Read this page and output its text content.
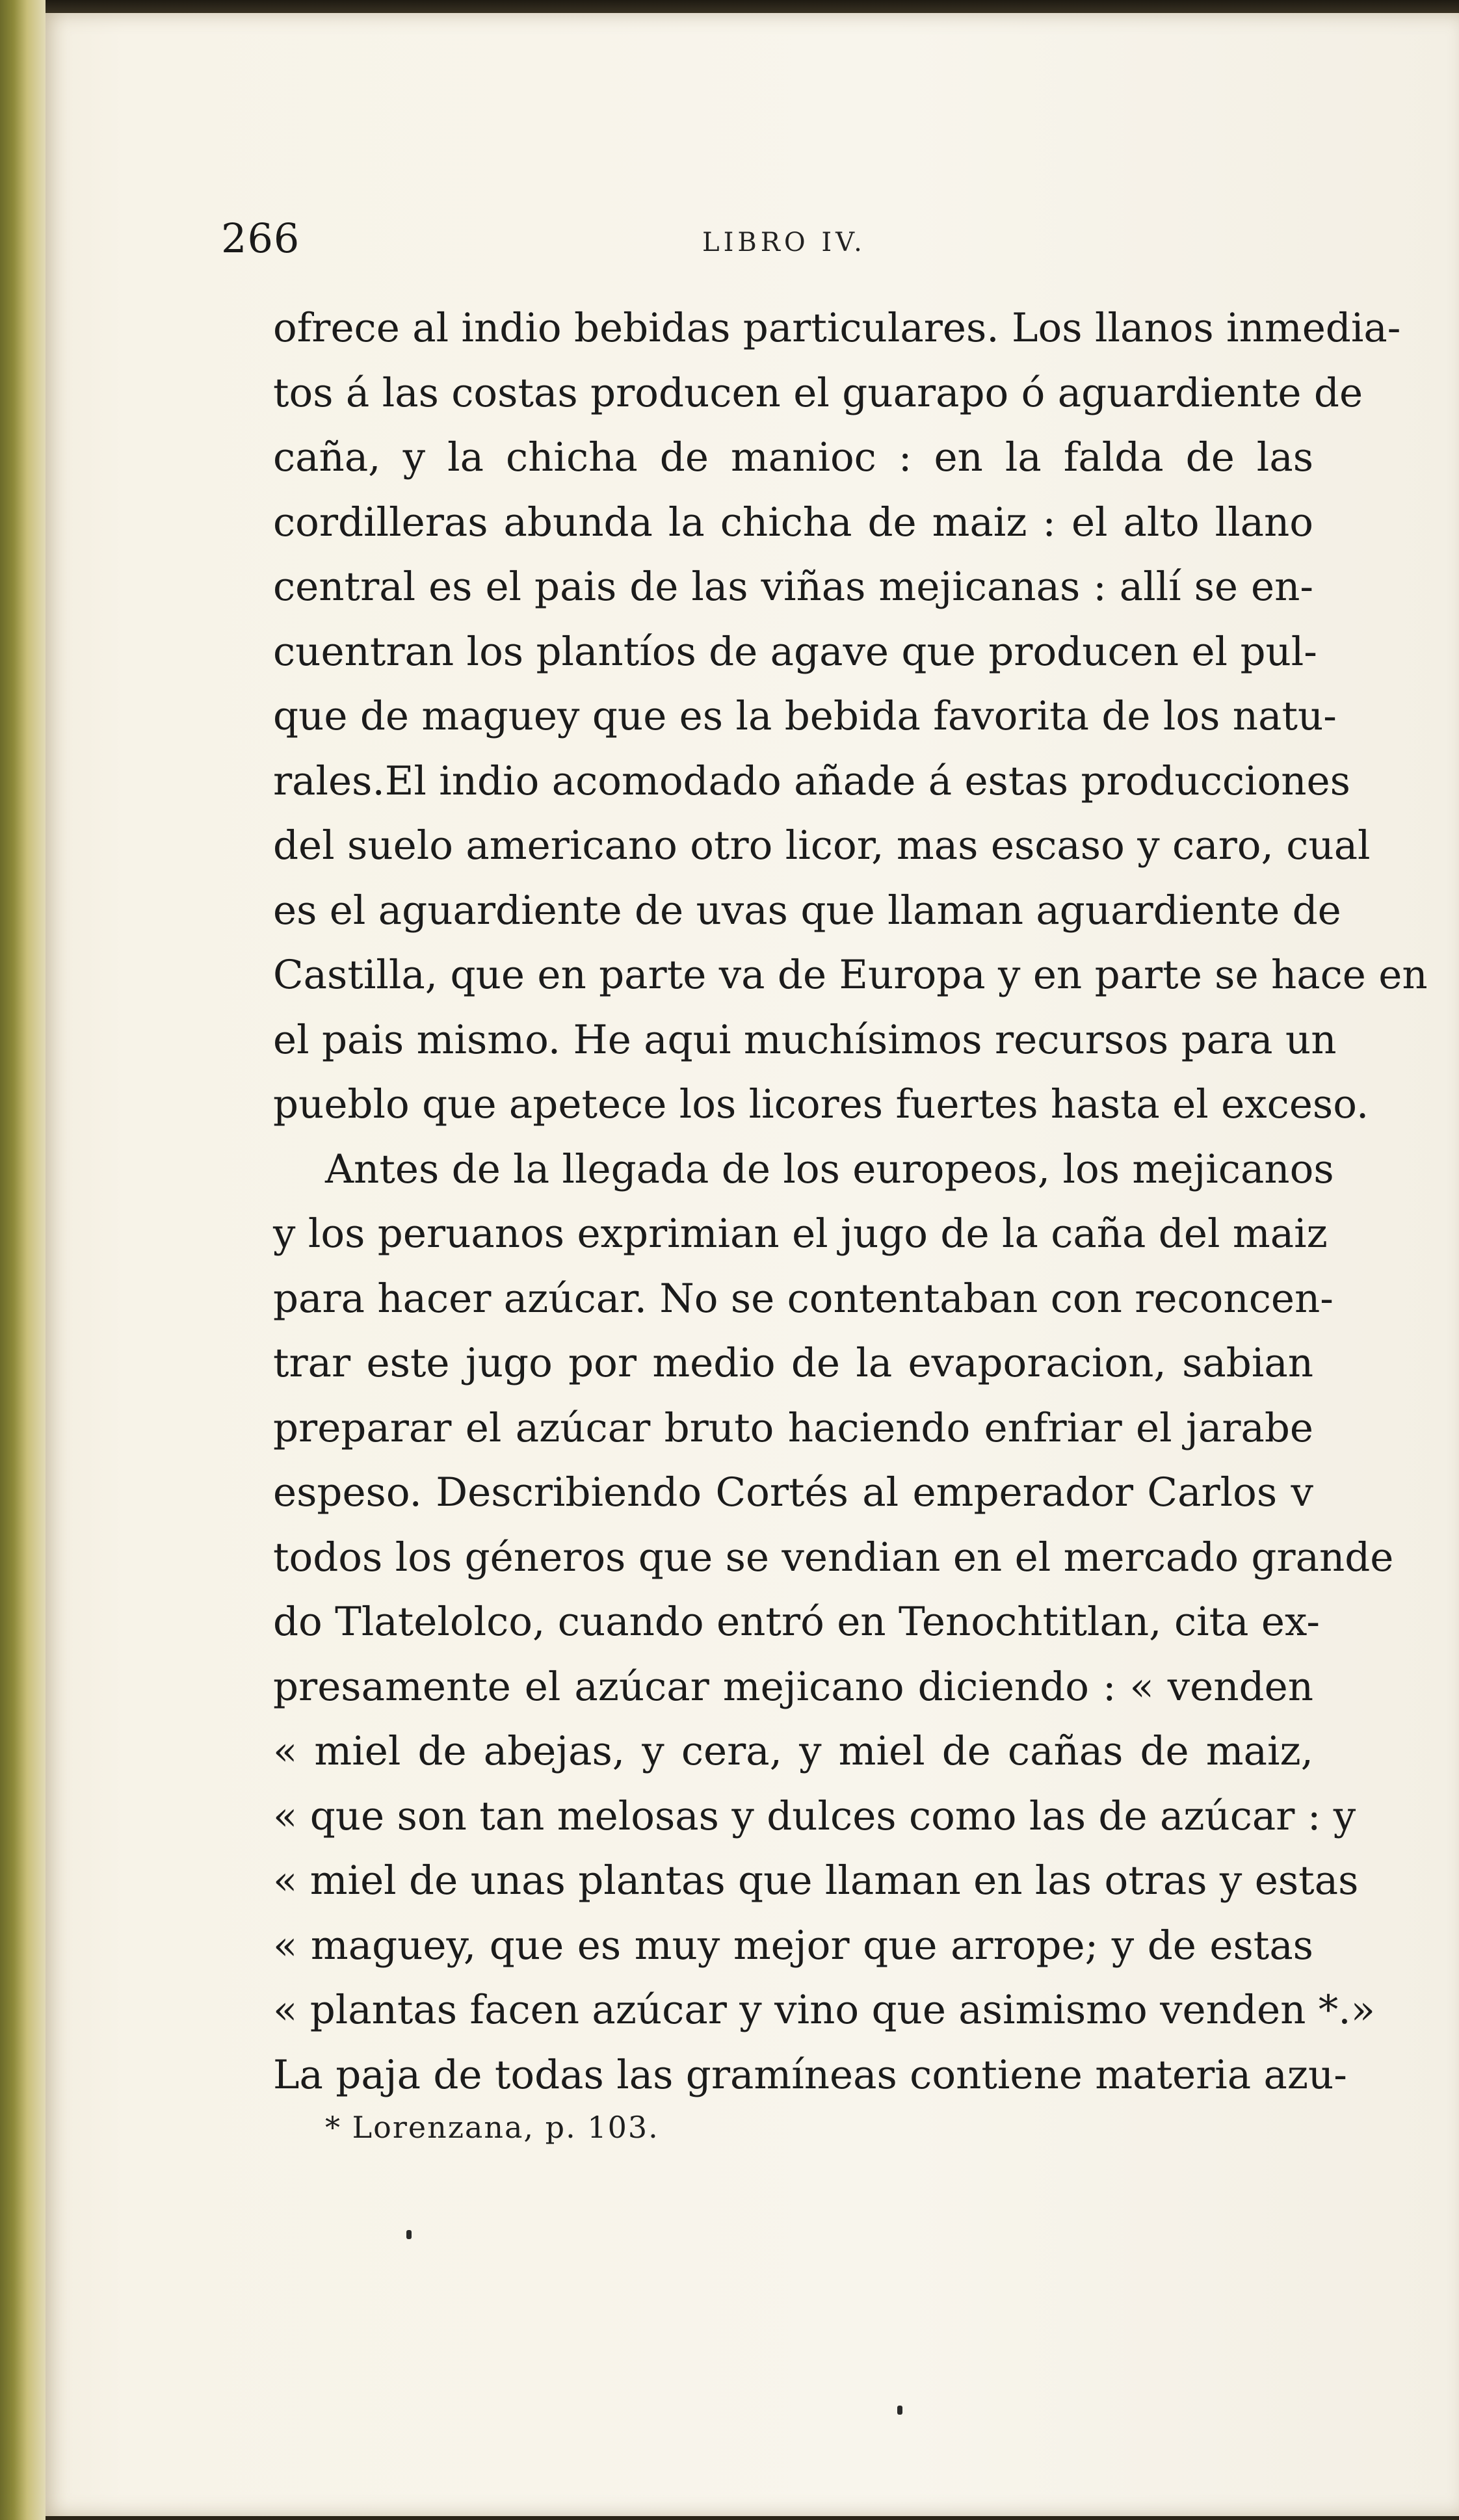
266	LIBRO IV.
ofrece al indio bebidas particulares. Los llanos inmedia-
tos á las costas producen el guarapo ó aguardiente de
caña, y la chicha de manioc : en la falda de las
cordilleras abunda la chicha de maiz : el alto llano
central es el pais de las viñas mejicanas : allí se en-
cuentran los plantíos de agave que producen el pul-
que de maguey que es la bebida favorita de los natu-
rales.El indio acomodado añade á estas producciones
del suelo americano otro licor, mas escaso y caro, cual
es el aguardiente de uvas que llaman aguardiente de
Castilla, que en parte va de Europa y en parte se hace en
el pais mismo. He aqui muchísimos recursos para un
pueblo que apetece los licores fuertes hasta el exceso.
Antes de la llegada de los europeos, los mejicanos
y los peruanos exprimian el jugo de la caña del maiz
para hacer azúcar. No se contentaban con reconcen-
trar este jugo por medio de la evaporacion, sabian
preparar el azúcar bruto haciendo enfriar el jarabe
espeso. Describiendo Cortés al emperador Carlos v
todos los géneros que se vendian en el mercado grande
do Tlatelolco, cuando entró en Tenochtitlan, cita ex-
presamente el azúcar mejicano diciendo : « venden
« miel de abejas, y cera, y miel de cañas de maiz,
« que son tan melosas y dulces como las de azúcar : y
« miel de unas plantas que llaman en las otras y estas
« maguey, que es muy mejor que arrope; y de estas
« plantas facen azúcar y vino que asimismo venden *.»
La paja de todas las gramíneas contiene materia azu-
* Lorenzana, p. 103.
